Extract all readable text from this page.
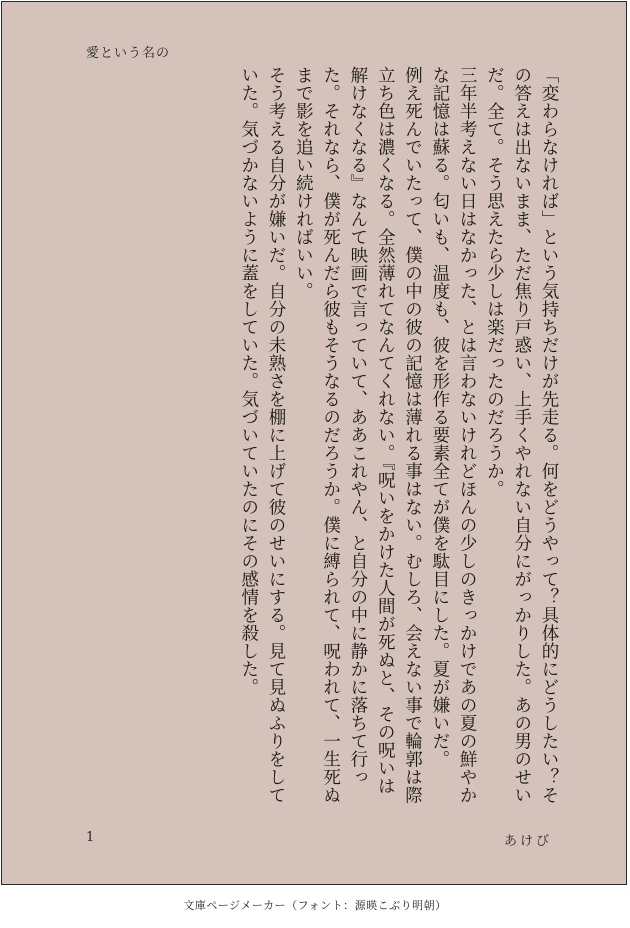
愛という名の

「変わらなければ」という気持ちだけが先走る。何をどうやって？具体的にどうしたい？その答えは出ないまま、ただ焦り戸惑い、上手くやれない自分にがっかりした。あの男のせいだ。全て。そう思えたら少しは楽だったのだろうか。

三年半考えない日はなかった、とは言わないけれどほんの少しのきっかけであの夏の鮮やかな記憶は蘇る。匂いも、温度も、彼を形作る要素全てが僕を駄目にした。夏が嫌いだ。

例え死んでいたって、僕の中の彼の記憶は薄れる事はない。むしろ、会えない事で輪郭は際立ち色は濃くなる。全然薄れてなんてくれない。『呪いをかけた人間が死ぬと、その呪いは解けなくなる』なんて映画で言っていて、ああこれやん、と自分の中に静かに落ちて行った。それなら、僕が死んだら彼もそうなるのだろうか。僕に縛られて、呪われて、一生死ぬまで影を追い続ければいい。

そう考える自分が嫌いだ。自分の未熟さを棚に上げて彼のせいにする。見て見ぬふりをしていた。気づかないように蓋をしていた。気づいていたのにその感情を殺した。

1	あけび
文庫ページメーカー（フォント：源暎こぶり明朝）
